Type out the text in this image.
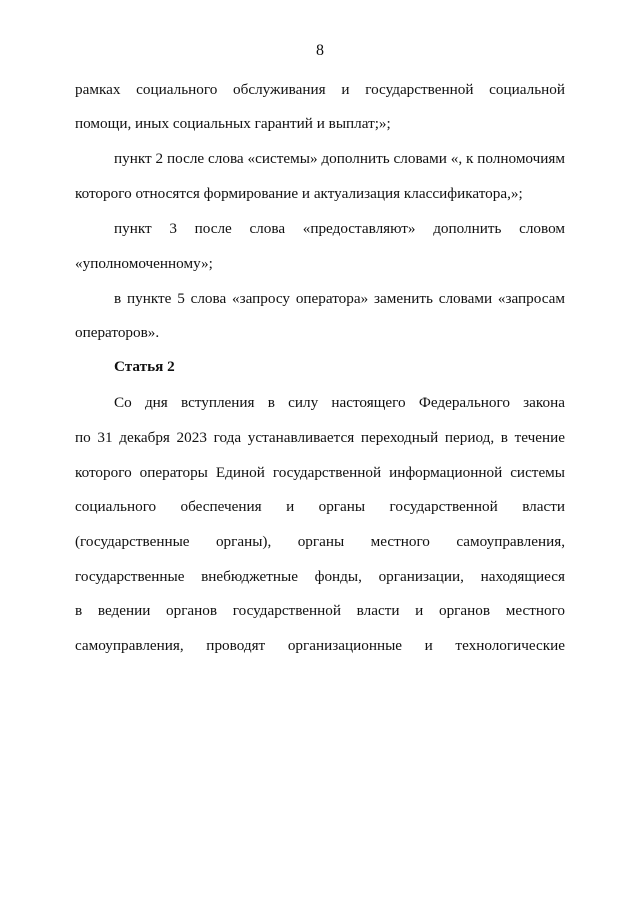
8
рамках социального обслуживания и государственной социальной
помощи, иных социальных гарантий и выплат;»;
пункт 2 после слова «системы» дополнить словами «, к полномочиям
которого относятся формирование и актуализация классификатора,»;
пункт 3 после слова «предоставляют» дополнить словом
«уполномоченному»;
в пункте 5 слова «запросу оператора» заменить словами «запросам
операторов».
Статья 2
Со дня вступления в силу настоящего Федерального закона
по 31 декабря 2023 года устанавливается переходный период, в течение
которого операторы Единой государственной информационной системы
социального обеспечения и органы государственной власти
(государственные органы), органы местного самоуправления,
государственные внебюджетные фонды, организации, находящиеся
в ведении органов государственной власти и органов местного
самоуправления, проводят организационные и технологические
